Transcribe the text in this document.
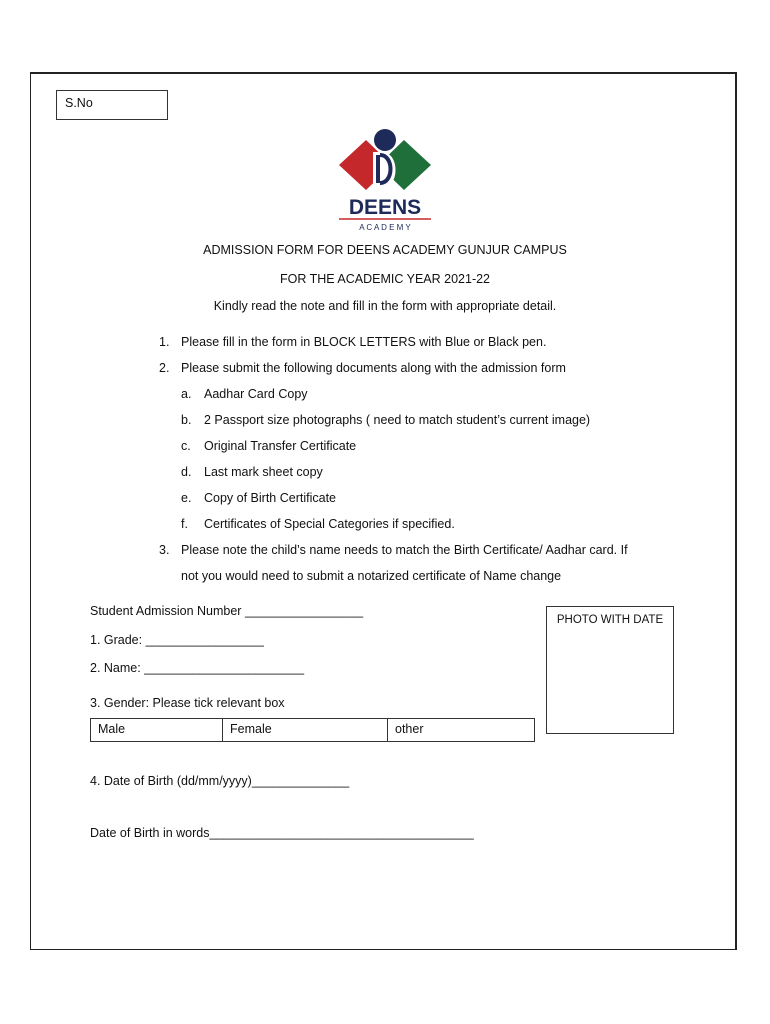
S.No
DEENS
A C A D E M Y
ADMISSION FORM FOR DEENS ACADEMY GUNJUR CAMPUS
FOR THE ACADEMIC YEAR 2021-22
Kindly read the note and fill in the form with appropriate detail.
1. Please fill in the form in BLOCK LETTERS with Blue or Black pen.
2. Please submit the following documents along with the admission form
a. Aadhar Card Copy
b. 2 Passport size photographs ( need to match student’s current image)
c. Original Transfer Certificate
d. Last mark sheet copy
e. Copy of Birth Certificate
f. Certificates of Special Categories if specified.
3. Please note the child’s name needs to match the Birth Certificate/ Aadhar card. If
not you would need to submit a notarized certificate of Name change
Student Admission Number _________________
1. Grade: _________________
2. Name: _______________________
3. Gender: Please tick relevant box
Male	Female	other
PHOTO WITH DATE
4. Date of Birth (dd/mm/yyyy)______________
Date of Birth in words______________________________________
